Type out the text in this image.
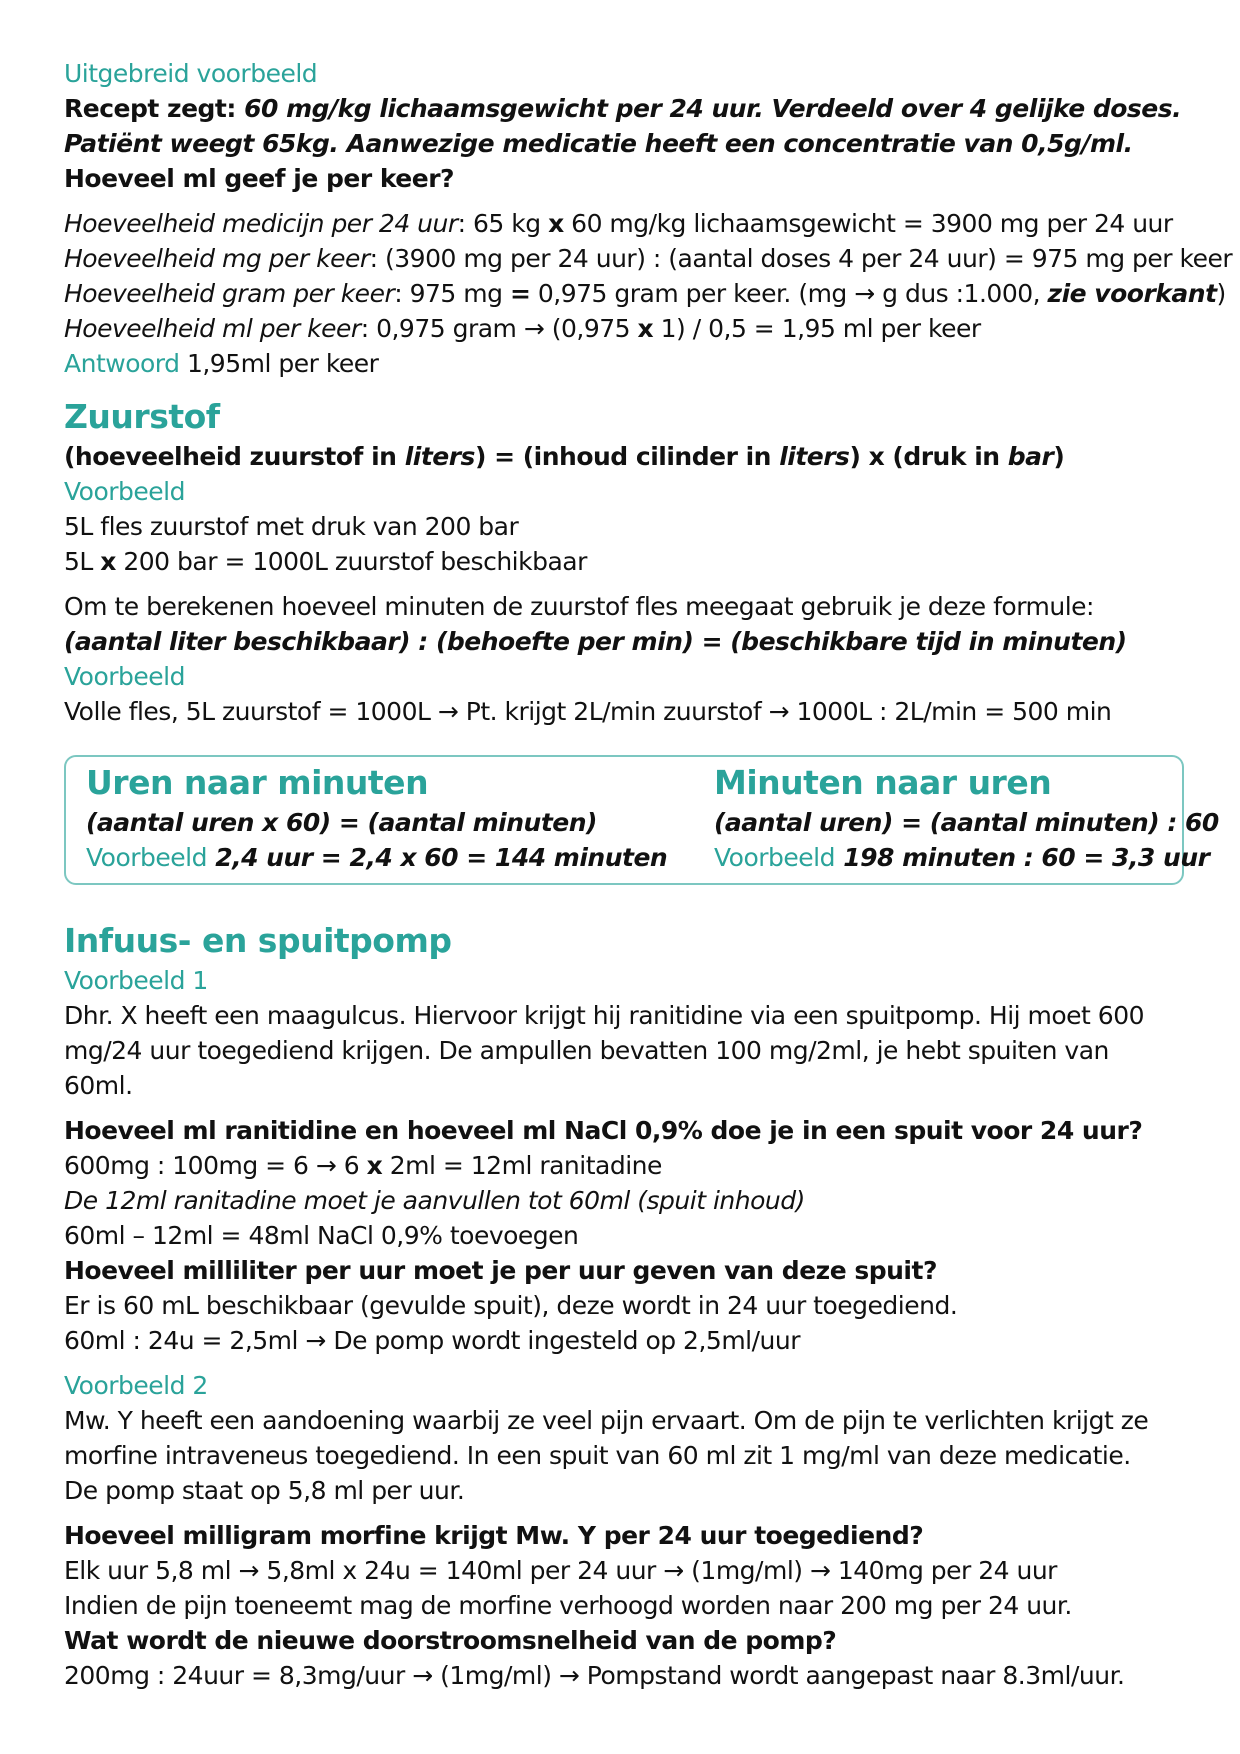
Uitgebreid voorbeeld
Recept zegt: 60 mg/kg lichaamsgewicht per 24 uur. Verdeeld over 4 gelijke doses.
Patiënt weegt 65kg. Aanwezige medicatie heeft een concentratie van 0,5g/ml.
Hoeveel ml geef je per keer?
Hoeveelheid medicijn per 24 uur: 65 kg x 60 mg/kg lichaamsgewicht = 3900 mg per 24 uur
Hoeveelheid mg per keer: (3900 mg per 24 uur) : (aantal doses 4 per 24 uur) = 975 mg per keer
Hoeveelheid gram per keer: 975 mg = 0,975 gram per keer. (mg → g dus :1.000, zie voorkant)
Hoeveelheid ml per keer: 0,975 gram → (0,975 x 1) / 0,5 = 1,95 ml per keer
Antwoord 1,95ml per keer
Zuurstof
(hoeveelheid zuurstof in liters) = (inhoud cilinder in liters) x (druk in bar)
Voorbeeld
5L fles zuurstof met druk van 200 bar
5L x 200 bar = 1000L zuurstof beschikbaar
Om te berekenen hoeveel minuten de zuurstof fles meegaat gebruik je deze formule:
(aantal liter beschikbaar) : (behoefte per min) = (beschikbare tijd in minuten)
Voorbeeld
Volle fles, 5L zuurstof = 1000L → Pt. krijgt 2L/min zuurstof → 1000L : 2L/min = 500 min
Uren naar minuten
(aantal uren x 60) = (aantal minuten)
Voorbeeld 2,4 uur = 2,4 x 60 = 144 minuten
Minuten naar uren
(aantal uren) = (aantal minuten) : 60
Voorbeeld 198 minuten : 60 = 3,3 uur
Infuus- en spuitpomp
Voorbeeld 1
Dhr. X heeft een maagulcus. Hiervoor krijgt hij ranitidine via een spuitpomp. Hij moet 600 mg/24 uur toegediend krijgen. De ampullen bevatten 100 mg/2ml, je hebt spuiten van 60ml.
Hoeveel ml ranitidine en hoeveel ml NaCl 0,9% doe je in een spuit voor 24 uur?
600mg : 100mg = 6 → 6 x 2ml = 12ml ranitadine
De 12ml ranitadine moet je aanvullen tot 60ml (spuit inhoud)
60ml – 12ml = 48ml NaCl 0,9% toevoegen
Hoeveel milliliter per uur moet je per uur geven van deze spuit?
Er is 60 mL beschikbaar (gevulde spuit), deze wordt in 24 uur toegediend.
60ml : 24u = 2,5ml → De pomp wordt ingesteld op 2,5ml/uur
Voorbeeld 2
Mw. Y heeft een aandoening waarbij ze veel pijn ervaart. Om de pijn te verlichten krijgt ze
morfine intraveneus toegediend. In een spuit van 60 ml zit 1 mg/ml van deze medicatie.
De pomp staat op 5,8 ml per uur.
Hoeveel milligram morfine krijgt Mw. Y per 24 uur toegediend?
Elk uur 5,8 ml → 5,8ml x 24u = 140ml per 24 uur → (1mg/ml) → 140mg per 24 uur
Indien de pijn toeneemt mag de morfine verhoogd worden naar 200 mg per 24 uur.
Wat wordt de nieuwe doorstroomsnelheid van de pomp?
200mg : 24uur = 8,3mg/uur → (1mg/ml) → Pompstand wordt aangepast naar 8.3ml/uur.
